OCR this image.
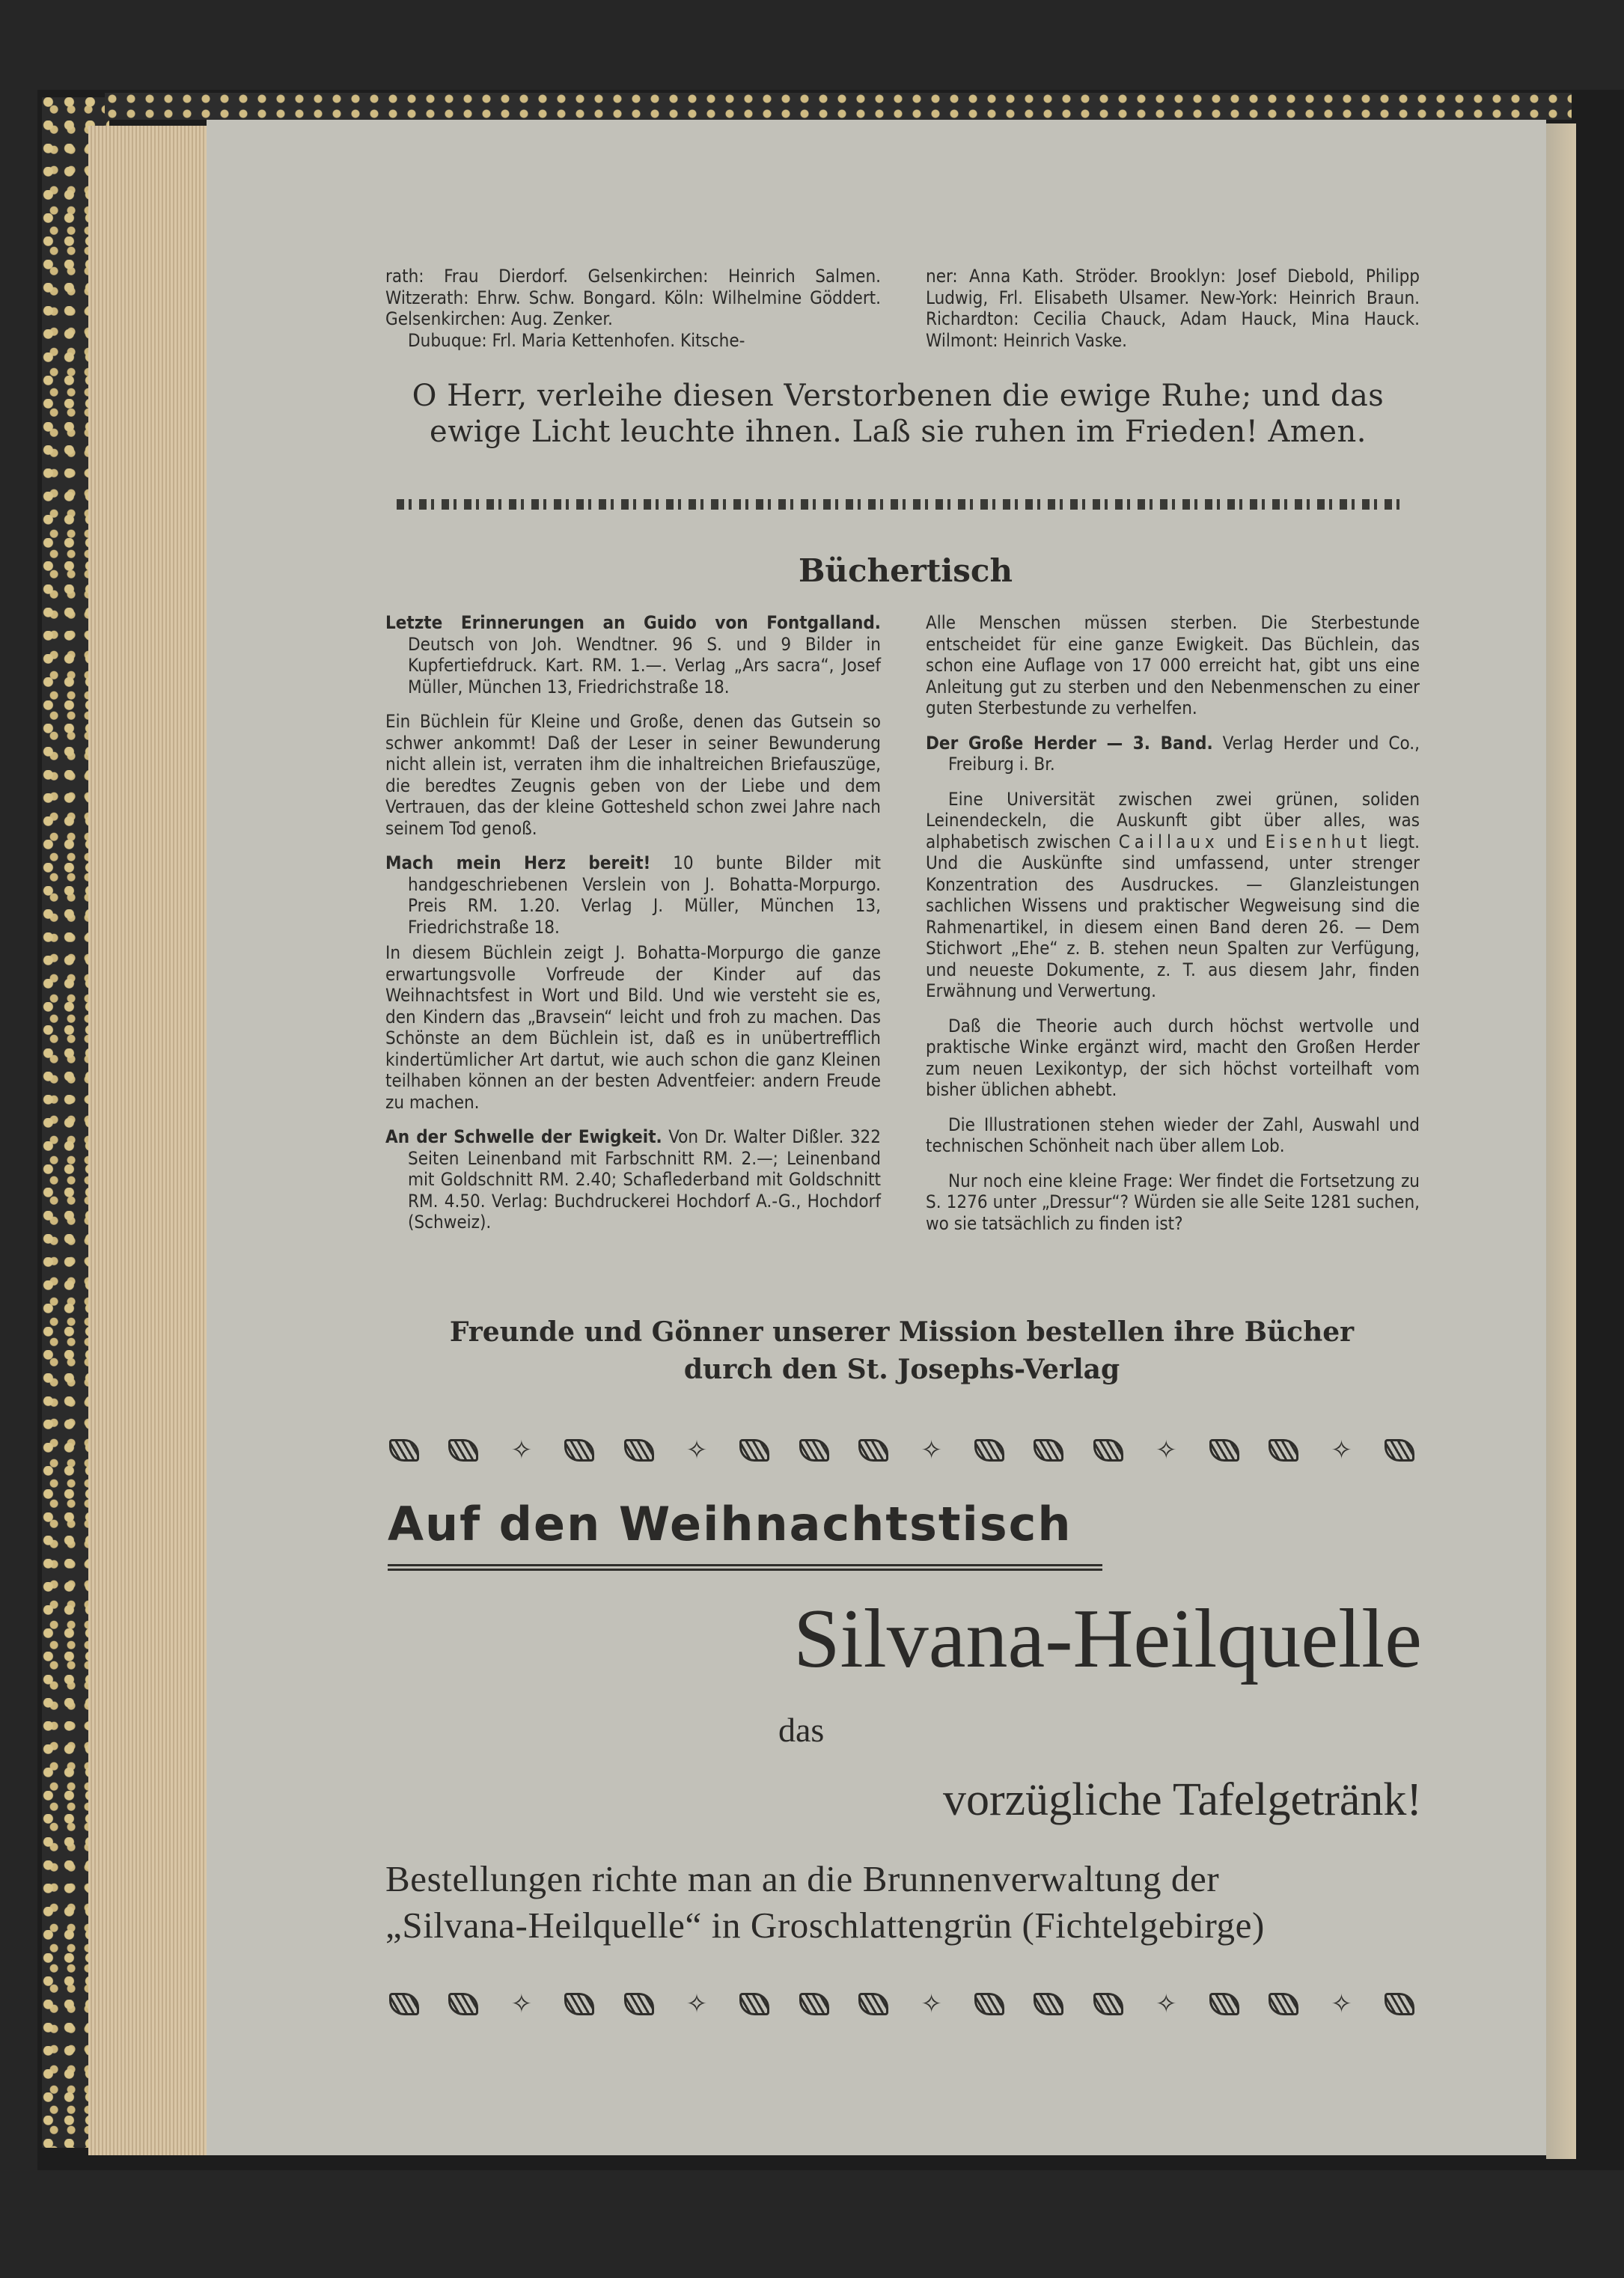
rath: Frau Dierdorf. Gelsenkirchen: Heinrich Salmen. Witzerath: Ehrw. Schw. Bongard. Köln: Wilhelmine Göddert. Gelsenkirchen: Aug. Zenker.

Dubuque: Frl. Maria Kettenhofen. Kitsche-

ner: Anna Kath. Ströder. Brooklyn: Josef Diebold, Philipp Ludwig, Frl. Elisabeth Ulsamer. New-York: Heinrich Braun. Richardton: Cecilia Chauck, Adam Hauck, Mina Hauck. Wilmont: Heinrich Vaske.

O Herr, verleihe diesen Verstorbenen die ewige Ruhe; und das ewige Licht leuchte ihnen. Laß sie ruhen im Frieden! Amen.
Büchertisch

Letzte Erinnerungen an Guido von Fontgalland. Deutsch von Joh. Wendtner. 96 S. und 9 Bilder in Kupfertiefdruck. Kart. RM. 1.—. Verlag „Ars sacra“, Josef Müller, München 13, Friedrichstraße 18.

Ein Büchlein für Kleine und Große, denen das Gutsein so schwer ankommt! Daß der Leser in seiner Bewunderung nicht allein ist, verraten ihm die inhaltreichen Briefauszüge, die beredtes Zeugnis geben von der Liebe und dem Vertrauen, das der kleine Gottesheld schon zwei Jahre nach seinem Tod genoß.

Mach mein Herz bereit! 10 bunte Bilder mit handgeschriebenen Verslein von J. Bohatta-Morpurgo. Preis RM. 1.20. Verlag J. Müller, München 13, Friedrichstraße 18.

In diesem Büchlein zeigt J. Bohatta-Morpurgo die ganze erwartungsvolle Vorfreude der Kinder auf das Weihnachtsfest in Wort und Bild. Und wie versteht sie es, den Kindern das „Bravsein“ leicht und froh zu machen. Das Schönste an dem Büchlein ist, daß es in unübertrefflich kindertümlicher Art dartut, wie auch schon die ganz Kleinen teilhaben können an der besten Adventfeier: andern Freude zu machen.

An der Schwelle der Ewigkeit. Von Dr. Walter Dißler. 322 Seiten Leinenband mit Farbschnitt RM. 2.—; Leinenband mit Goldschnitt RM. 2.40; Schaflederband mit Goldschnitt RM. 4.50. Verlag: Buchdruckerei Hochdorf A.-G., Hochdorf (Schweiz).

Alle Menschen müssen sterben. Die Sterbestunde entscheidet für eine ganze Ewigkeit. Das Büchlein, das schon eine Auflage von 17 000 erreicht hat, gibt uns eine Anleitung gut zu sterben und den Nebenmenschen zu einer guten Sterbestunde zu verhelfen.

Der Große Herder — 3. Band. Verlag Herder und Co., Freiburg i. Br.

Eine Universität zwischen zwei grünen, soliden Leinendeckeln, die Auskunft gibt über alles, was alphabetisch zwischen Caillaux und Eisenhut liegt. Und die Auskünfte sind umfassend, unter strenger Konzentration des Ausdruckes. — Glanzleistungen sachlichen Wissens und praktischer Wegweisung sind die Rahmenartikel, in diesem einen Band deren 26. — Dem Stichwort „Ehe“ z. B. stehen neun Spalten zur Verfügung, und neueste Dokumente, z. T. aus diesem Jahr, finden Erwähnung und Verwertung.

Daß die Theorie auch durch höchst wertvolle und praktische Winke ergänzt wird, macht den Großen Herder zum neuen Lexikontyp, der sich höchst vorteilhaft vom bisher üblichen abhebt.

Die Illustrationen stehen wieder der Zahl, Auswahl und technischen Schönheit nach über allem Lob.

Nur noch eine kleine Frage: Wer findet die Fortsetzung zu S. 1276 unter „Dressur“? Würden sie alle Seite 1281 suchen, wo sie tatsächlich zu finden ist?

Freunde und Gönner unserer Mission bestellen ihre Bücher
durch den St. Josephs-Verlag
✧	✧	✧	✧	✧
Auf den Weihnachtstisch
Silvana-Heilquelle
das
vorzügliche Tafelgetränk!
Bestellungen richte man an die Brunnenverwaltung der
„Silvana-Heilquelle“ in Groschlattengrün (Fichtelgebirge)
✧	✧	✧	✧	✧
